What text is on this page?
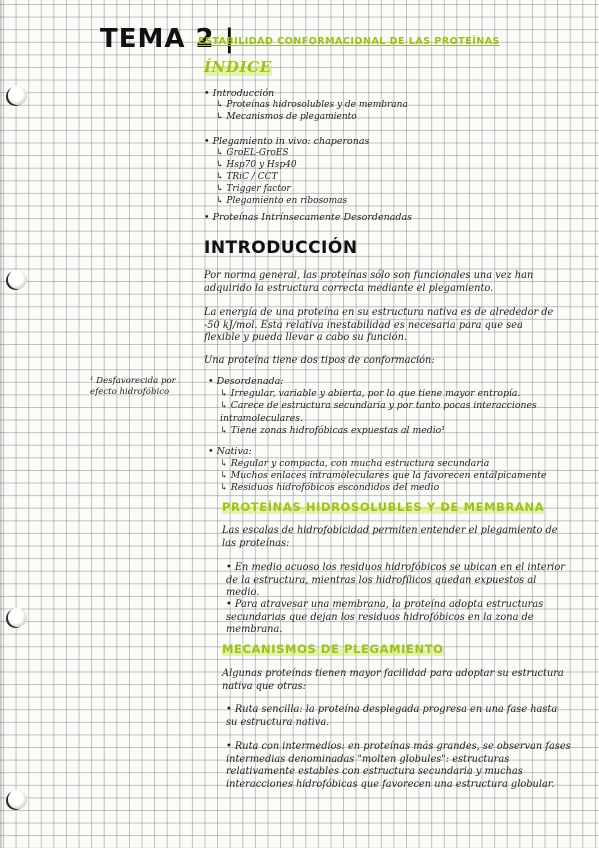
TEMA 2 |
ESTABILIDAD CONFORMACIONAL DE LAS PROTEÍNAS
ÍNDICE
• Introducción
↳ Proteínas hidrosolubles y de membrana
↳ Mecanismos de plegamiento
• Plegamiento in vivo: chaperonas
↳ GroEL-GroES
↳ Hsp70 y Hsp40
↳ TRiC / CCT
↳ Trigger factor
↳ Plegamiento en ribosomas
• Proteínas Intrínsecamente Desordenadas
INTRODUCCIÓN
Por norma general, las proteínas sólo son funcionales una vez han adquirido la estructura correcta mediante el plegamiento.
La energía de una proteína en su estructura nativa es de alrededor de -50 kJ/mol. Esta relativa inestabilidad es necesaria para que sea flexible y pueda llevar a cabo su función.
Una proteína tiene dos tipos de conformación:
¹ Desfavorecida por efecto hidrofóbico
• Desordenada:
↳ Irregular, variable y abierta, por lo que tiene mayor entropía.
↳ Carece de estructura secundaria y por tanto pocas interacciones intramoleculares.
↳ Tiene zonas hidrofóbicas expuestas al medio¹
• Nativa:
↳ Regular y compacta, con mucha estructura secundaria
↳ Muchos enlaces intramoleculares que la favorecen entálpicamente
↳ Residuos hidrofóbicos escondidos del medio
PROTEÍNAS HIDROSOLUBLES Y DE MEMBRANA
Las escalas de hidrofobicidad permiten entender el plegamiento de las proteínas:
• En medio acuoso los residuos hidrofóbicos se ubican en el interior de la estructura, mientras los hidrofílicos quedan expuestos al medio.
• Para atravesar una membrana, la proteína adopta estructuras secundarias que dejan los residuos hidrofóbicos en la zona de membrana.
MECANISMOS DE PLEGAMIENTO
Algunas proteínas tienen mayor facilidad para adoptar su estructura nativa que otras:
• Ruta sencilla: la proteína desplegada progresa en una fase hasta su estructura nativa.
• Ruta con intermedios: en proteínas más grandes, se observan fases intermedias denominadas "molten globules": estructuras relativamente estables con estructura secundaria y muchas interacciones hidrofóbicas que favorecen una estructura globular.
